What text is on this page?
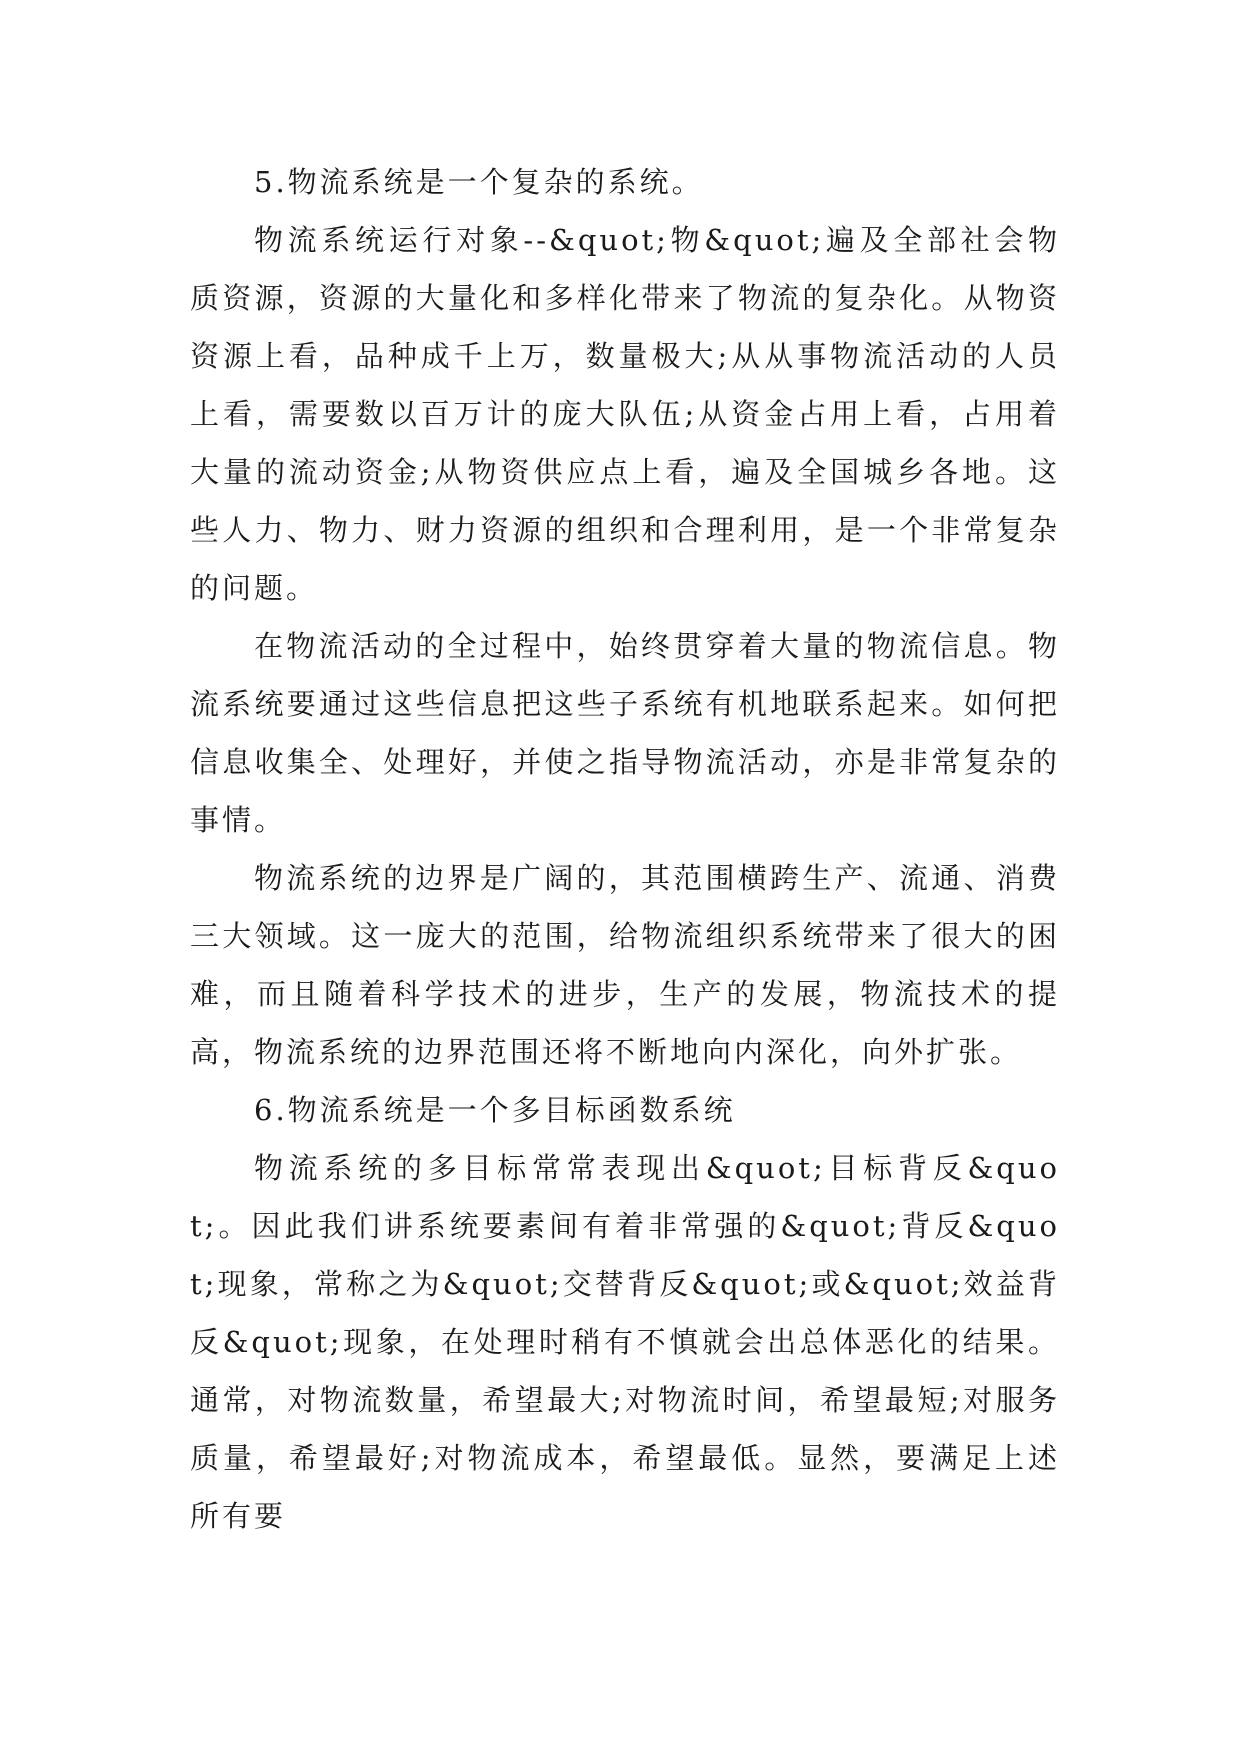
5.物流系统是一个复杂的系统。

物流系统运行对象--&quot;物&quot;遍及全部社会物质资源，资源的大量化和多样化带来了物流的复杂化。从物资资源上看，品种成千上万，数量极大;从从事物流活动的人员上看，需要数以百万计的庞大队伍;从资金占用上看，占用着大量的流动资金;从物资供应点上看，遍及全国城乡各地。这些人力、物力、财力资源的组织和合理利用，是一个非常复杂的问题。

在物流活动的全过程中，始终贯穿着大量的物流信息。物流系统要通过这些信息把这些子系统有机地联系起来。如何把信息收集全、处理好，并使之指导物流活动，亦是非常复杂的事情。

物流系统的边界是广阔的，其范围横跨生产、流通、消费三大领域。这一庞大的范围，给物流组织系统带来了很大的困难，而且随着科学技术的进步，生产的发展，物流技术的提高，物流系统的边界范围还将不断地向内深化，向外扩张。

6.物流系统是一个多目标函数系统

物流系统的多目标常常表现出&quot;目标背反&quot;。因此我们讲系统要素间有着非常强的&quot;背反&quot;现象，常称之为&quot;交替背反&quot;或&quot;效益背反&quot;现象，在处理时稍有不慎就会出总体恶化的结果。通常，对物流数量，希望最大;对物流时间，希望最短;对服务质量，希望最好;对物流成本，希望最低。显然，要满足上述所有要
